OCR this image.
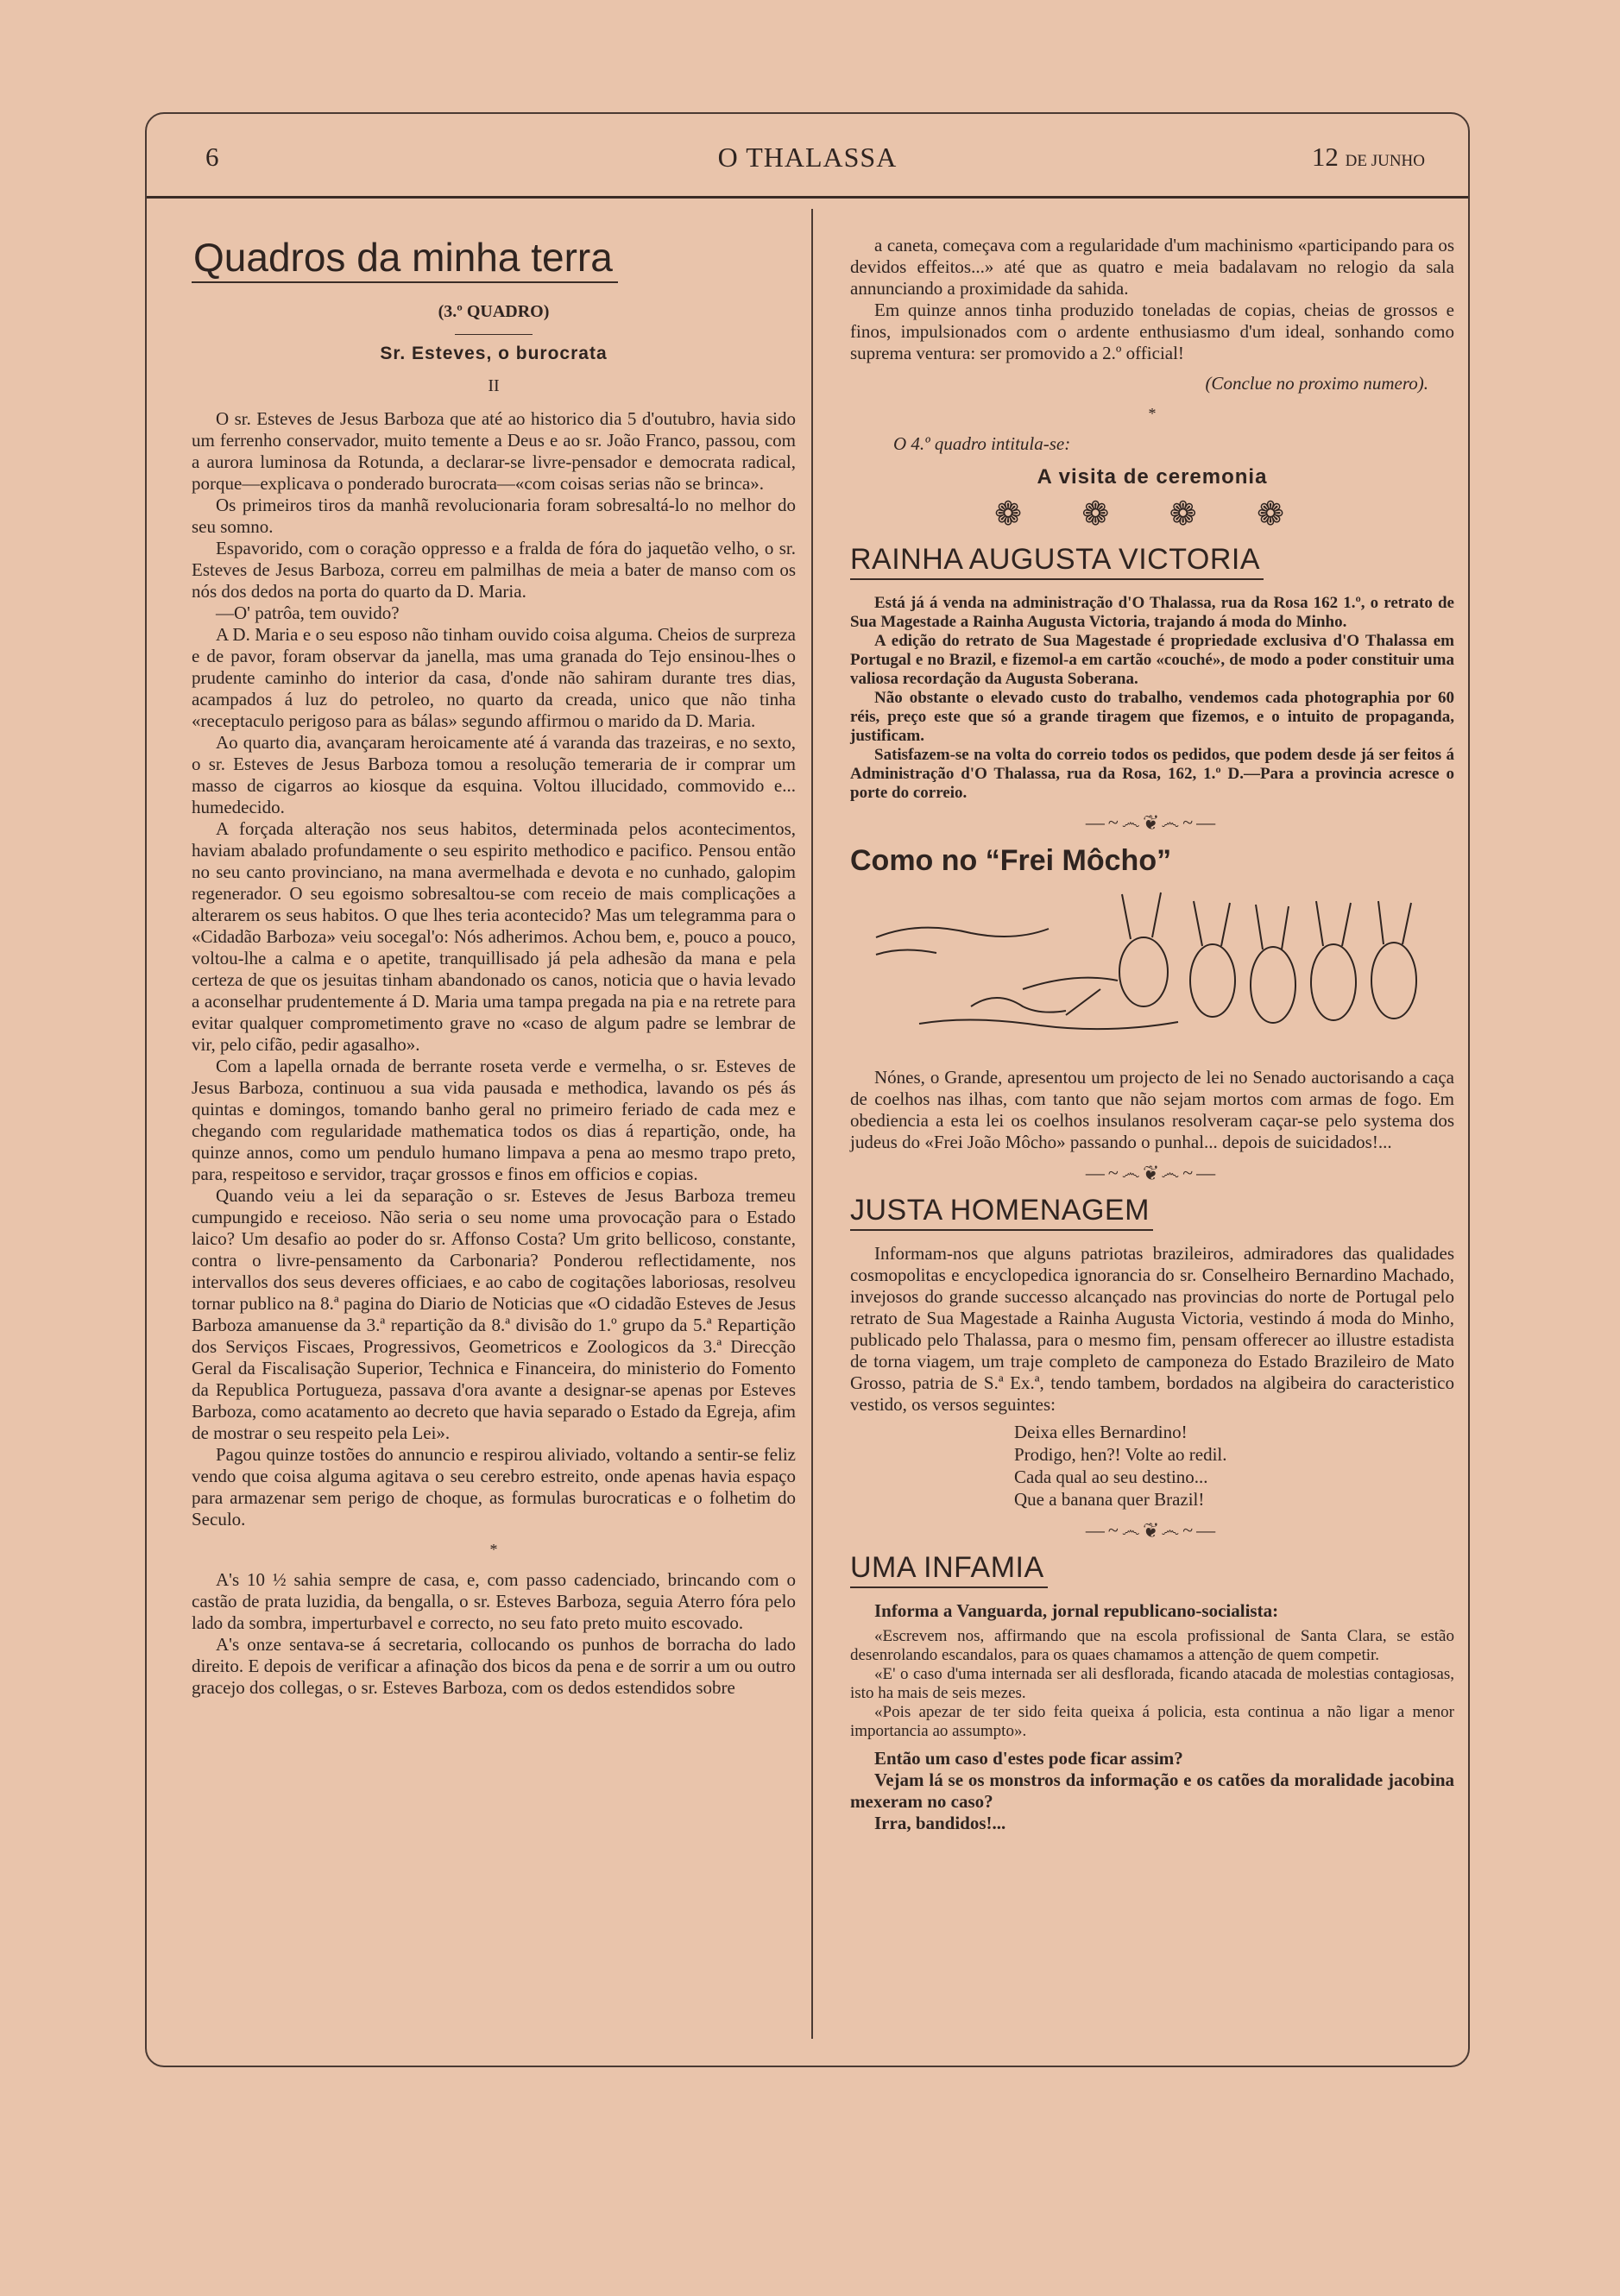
6	O THALASSA	12 DE JUNHO
Quadros da minha terra
(3.º QUADRO)
Sr. Esteves, o burocrata
II

O sr. Esteves de Jesus Barboza que até ao historico dia 5 d'outubro, havia sido um ferrenho conservador, muito temente a Deus e ao sr. João Franco, passou, com a aurora luminosa da Rotunda, a declarar-se livre-pensador e democrata radical, porque—explicava o ponderado burocrata—«com coisas serias não se brinca».

Os primeiros tiros da manhã revolucionaria foram sobresaltá-lo no melhor do seu somno.

Espavorido, com o coração oppresso e a fralda de fóra do jaquetão velho, o sr. Esteves de Jesus Barboza, correu em palmilhas de meia a bater de manso com os nós dos dedos na porta do quarto da D. Maria.

—O' patrôa, tem ouvido?

A D. Maria e o seu esposo não tinham ouvido coisa alguma. Cheios de surpreza e de pavor, foram observar da janella, mas uma granada do Tejo ensinou-lhes o prudente caminho do interior da casa, d'onde não sahiram durante tres dias, acampados á luz do petroleo, no quarto da creada, unico que não tinha «receptaculo perigoso para as bálas» segundo affirmou o marido da D. Maria.

Ao quarto dia, avançaram heroicamente até á varanda das trazeiras, e no sexto, o sr. Esteves de Jesus Barboza tomou a resolução temeraria de ir comprar um masso de cigarros ao kiosque da esquina. Voltou illucidado, commovido e... humedecido.

A forçada alteração nos seus habitos, determinada pelos acontecimentos, haviam abalado profundamente o seu espirito methodico e pacifico. Pensou então no seu canto provinciano, na mana avermelhada e devota e no cunhado, galopim regenerador. O seu egoismo sobresaltou-se com receio de mais complicações a alterarem os seus habitos. O que lhes teria acontecido? Mas um telegramma para o «Cidadão Barboza» veiu socegal'o: Nós adherimos. Achou bem, e, pouco a pouco, voltou-lhe a calma e o apetite, tranquillisado já pela adhesão da mana e pela certeza de que os jesuitas tinham abandonado os canos, noticia que o havia levado a aconselhar prudentemente á D. Maria uma tampa pregada na pia e na retrete para evitar qualquer comprometimento grave no «caso de algum padre se lembrar de vir, pelo cifão, pedir agasalho».

Com a lapella ornada de berrante roseta verde e vermelha, o sr. Esteves de Jesus Barboza, continuou a sua vida pausada e methodica, lavando os pés ás quintas e domingos, tomando banho geral no primeiro feriado de cada mez e chegando com regularidade mathematica todos os dias á repartição, onde, ha quinze annos, como um pendulo humano limpava a pena ao mesmo trapo preto, para, respeitoso e servidor, traçar grossos e finos em officios e copias.

Quando veiu a lei da separação o sr. Esteves de Jesus Barboza tremeu cumpungido e receioso. Não seria o seu nome uma provocação para o Estado laico? Um desafio ao poder do sr. Affonso Costa? Um grito bellicoso, constante, contra o livre-pensamento da Carbonaria? Ponderou reflectidamente, nos intervallos dos seus deveres officiaes, e ao cabo de cogitações laboriosas, resolveu tornar publico na 8.ª pagina do Diario de Noticias que «O cidadão Esteves de Jesus Barboza amanuense da 3.ª repartição da 8.ª divisão do 1.º grupo da 5.ª Repartição dos Serviços Fiscaes, Progressivos, Geometricos e Zoologicos da 3.ª Direcção Geral da Fiscalisação Superior, Technica e Financeira, do ministerio do Fomento da Republica Portugueza, passava d'ora avante a designar-se apenas por Esteves Barboza, como acatamento ao decreto que havia separado o Estado da Egreja, afim de mostrar o seu respeito pela Lei».

Pagou quinze tostões do annuncio e respirou aliviado, voltando a sentir-se feliz vendo que coisa alguma agitava o seu cerebro estreito, onde apenas havia espaço para armazenar sem perigo de choque, as formulas burocraticas e o folhetim do Seculo.

*

A's 10 ½ sahia sempre de casa, e, com passo cadenciado, brincando com o castão de prata luzidia, da bengalla, o sr. Esteves Barboza, seguia Aterro fóra pelo lado da sombra, imperturbavel e correcto, no seu fato preto muito escovado.

A's onze sentava-se á secretaria, collocando os punhos de borracha do lado direito. E depois de verificar a afinação dos bicos da pena e de sorrir a um ou outro gracejo dos collegas, o sr. Esteves Barboza, com os dedos estendidos sobre

a caneta, começava com a regularidade d'um machinismo «participando para os devidos effeitos...» até que as quatro e meia badalavam no relogio da sala annunciando a proximidade da sahida.

Em quinze annos tinha produzido toneladas de copias, cheias de grossos e finos, impulsionados com o ardente enthusiasmo d'um ideal, sonhando como suprema ventura: ser promovido a 2.º official!

(Conclue no proximo numero).

*

O 4.º quadro intitula-se:

A visita de ceremonia
❁ ❁ ❁ ❁
RAINHA AUGUSTA VICTORIA

Está já á venda na administração d'O Thalassa, rua da Rosa 162 1.º, o retrato de Sua Magestade a Rainha Augusta Victoria, trajando á moda do Minho.

A edição do retrato de Sua Magestade é propriedade exclusiva d'O Thalassa em Portugal e no Brazil, e fizemol-a em cartão «couché», de modo a poder constituir uma valiosa recordação da Augusta Soberana.

Não obstante o elevado custo do trabalho, vendemos cada photographia por 60 réis, preço este que só a grande tiragem que fizemos, e o intuito de propaganda, justificam.

Satisfazem-se na volta do correio todos os pedidos, que podem desde já ser feitos á Administração d'O Thalassa, rua da Rosa, 162, 1.º D.—Para a provincia acresce o porte do correio.

—~෴❦෴~—
Como no “Frei Môcho”

Nónes, o Grande, apresentou um projecto de lei no Senado auctorisando a caça de coelhos nas ilhas, com tanto que não sejam mortos com armas de fogo. Em obediencia a esta lei os coelhos insulanos resolveram caçar-se pelo systema dos judeus do «Frei João Môcho» passando o punhal... depois de suicidados!...

—~෴❦෴~—
JUSTA HOMENAGEM

Informam-nos que alguns patriotas brazileiros, admiradores das qualidades cosmopolitas e encyclopedica ignorancia do sr. Conselheiro Bernardino Machado, invejosos do grande successo alcançado nas provincias do norte de Portugal pelo retrato de Sua Magestade a Rainha Augusta Victoria, vestindo á moda do Minho, publicado pelo Thalassa, para o mesmo fim, pensam offerecer ao illustre estadista de torna viagem, um traje completo de camponeza do Estado Brazileiro de Mato Grosso, patria de S.ª Ex.ª, tendo tambem, bordados na algibeira do caracteristico vestido, os versos seguintes:

Deixa elles Bernardino!
Prodigo, hen?! Volte ao redil.
Cada qual ao seu destino...
Que a banana quer Brazil!
—~෴❦෴~—
UMA INFAMIA

Informa a Vanguarda, jornal republicano-socialista:

«Escrevem nos, affirmando que na escola profissional de Santa Clara, se estão desenrolando escandalos, para os quaes chamamos a attenção de quem competir.

«E' o caso d'uma internada ser ali desflorada, ficando atacada de molestias contagiosas, isto ha mais de seis mezes.

«Pois apezar de ter sido feita queixa á policia, esta continua a não ligar a menor importancia ao assumpto».

Então um caso d'estes pode ficar assim?

Vejam lá se os monstros da informação e os catões da moralidade jacobina mexeram no caso?

Irra, bandidos!...
